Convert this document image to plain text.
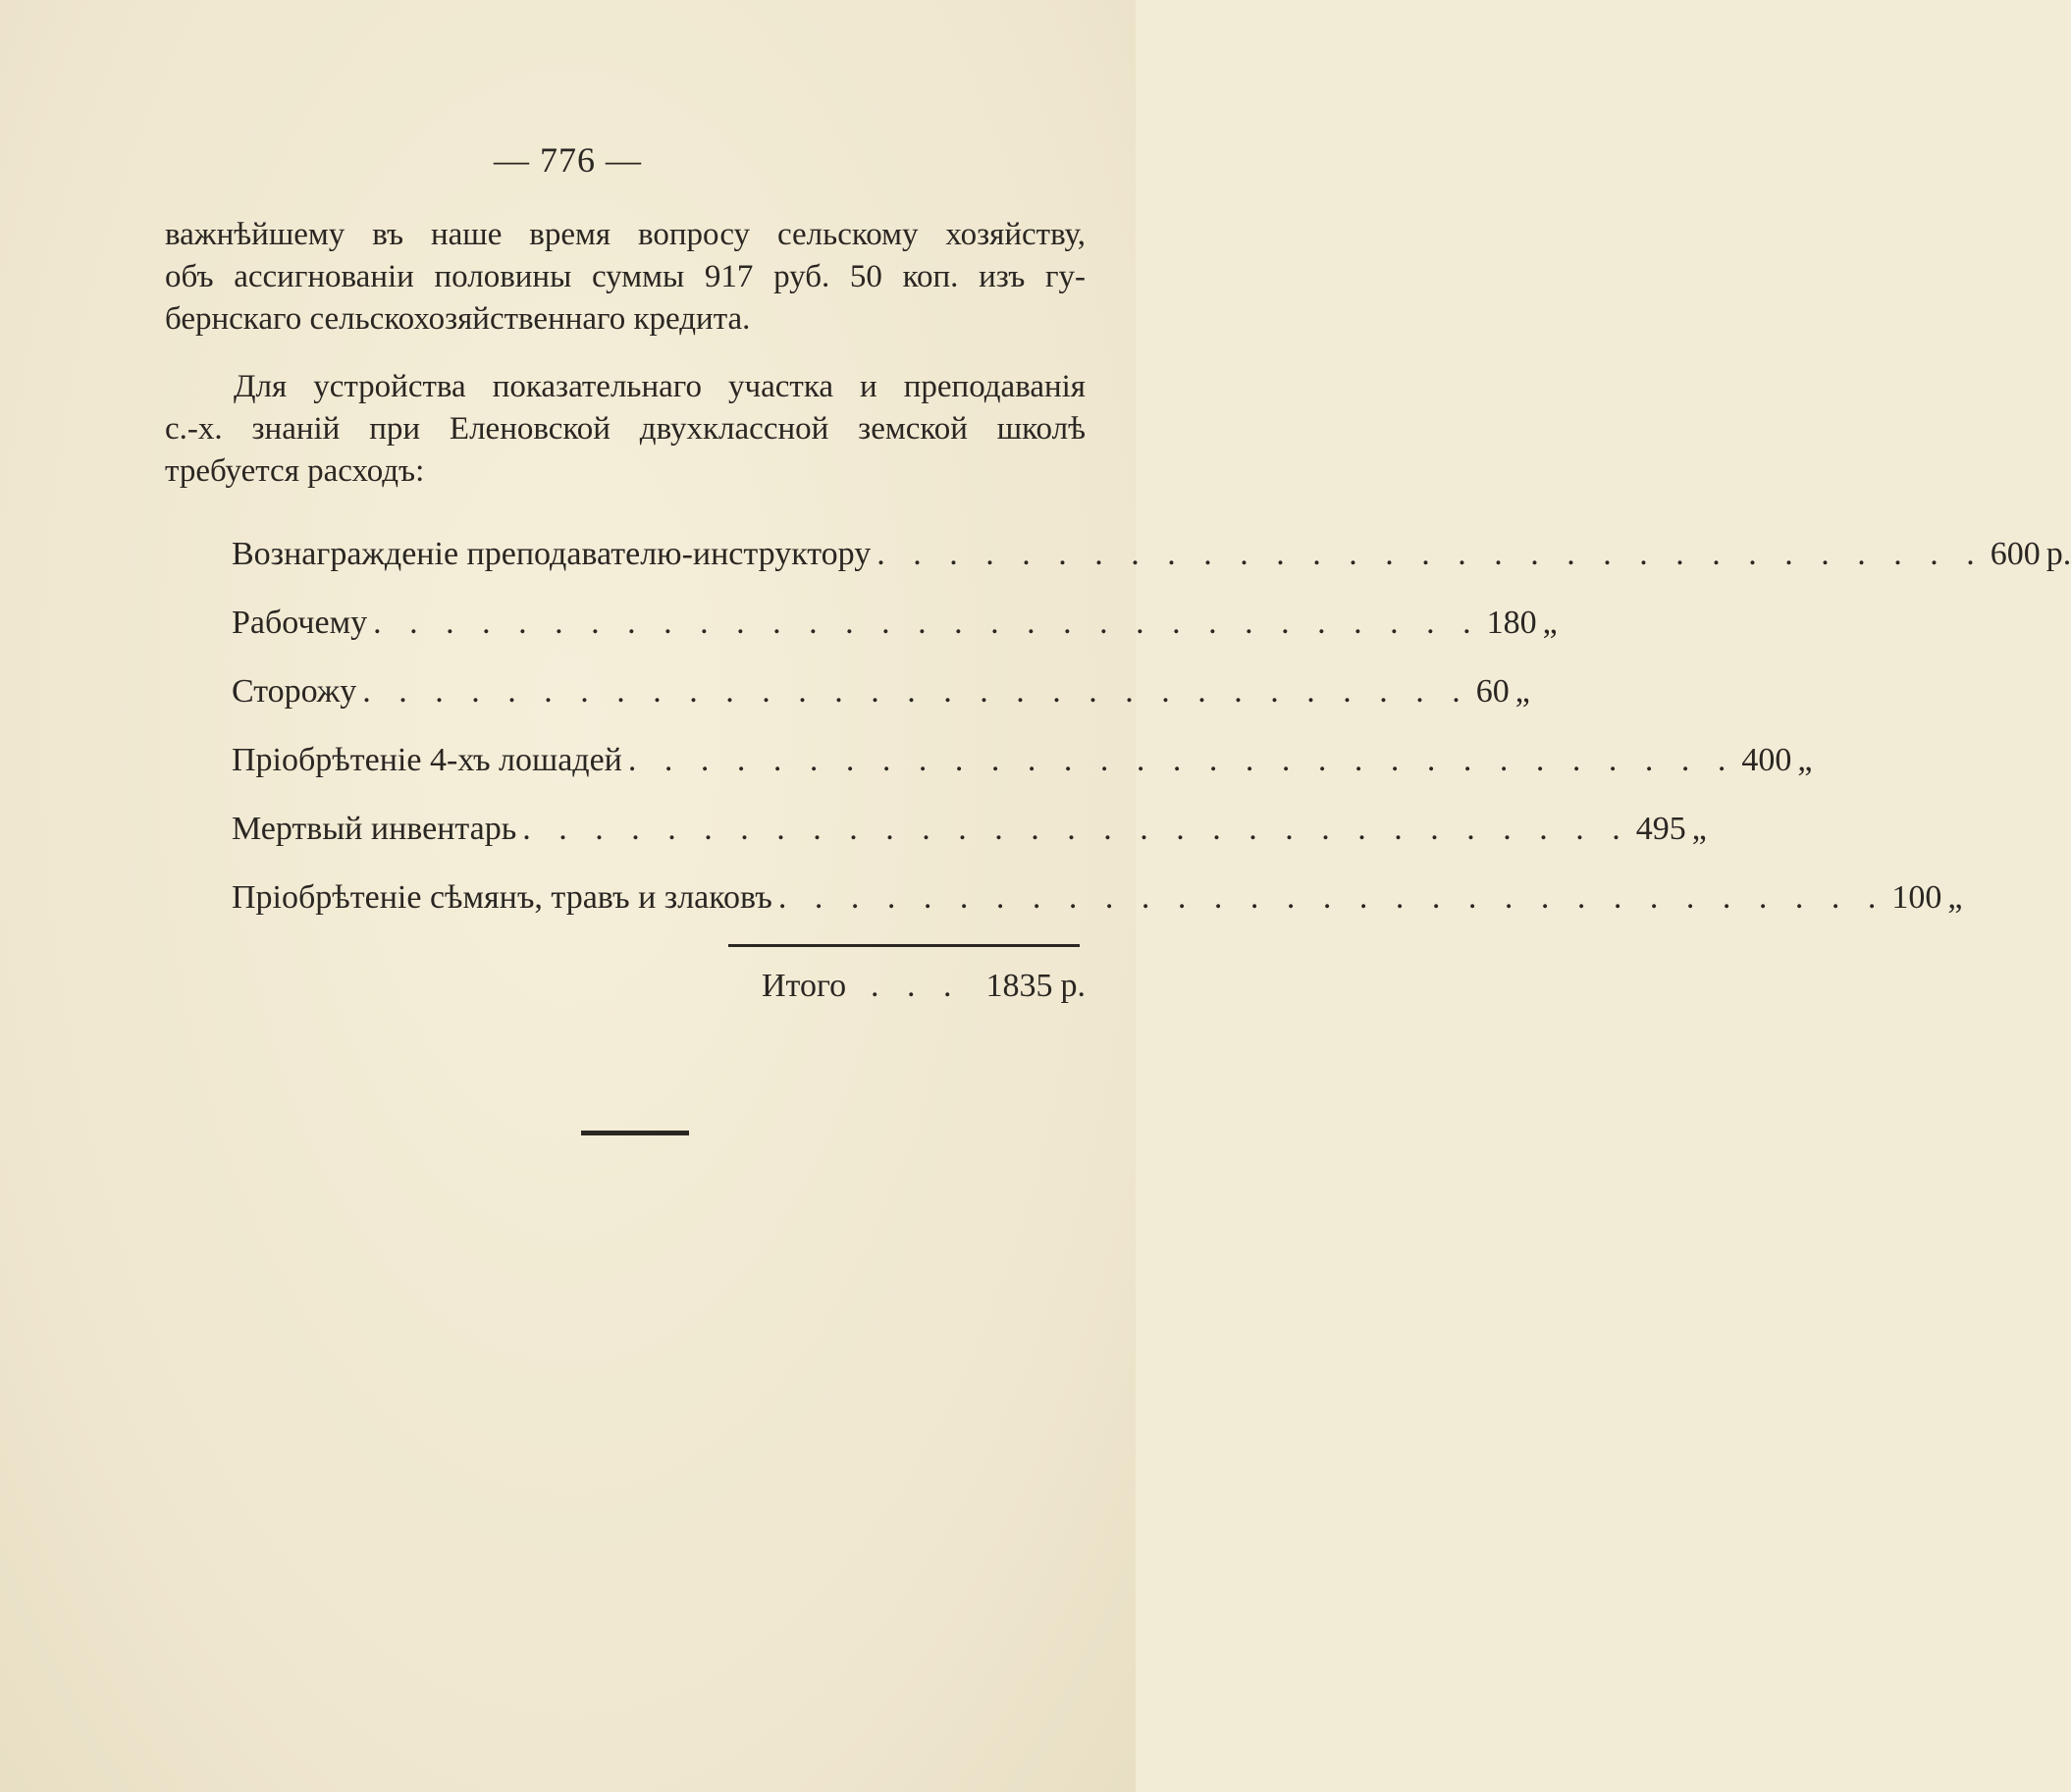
— 776 —
важнѣйшему въ наше время вопросу сельскому хозяйству,
объ ассигнованіи половины суммы 917 руб. 50 коп. изъ гу-
бернскаго сельскохозяйственнаго кредита.
Для устройства показательнаго участка и преподаванія
с.-х. знаній при Еленовской двухклассной земской школѣ
требуется расходъ:
Вознагражденіе преподавателю-инструктору . . . . . . . . . . . . . . . . . . . . . . . . . . . . . . . 600 р.
Рабочему . . . . . . . . . . . . . . . . . . . . . . . . . . . . . . . 180 „
Сторожу . . . . . . . . . . . . . . . . . . . . . . . . . . . . . . . 60 „
Пріобрѣтеніе 4-хъ лошадей . . . . . . . . . . . . . . . . . . . . . . . . . . . . . . . 400 „
Мертвый инвентарь . . . . . . . . . . . . . . . . . . . . . . . . . . . . . . . 495 „
Пріобрѣтеніе сѣмянъ, травъ и злаковъ . . . . . . . . . . . . . . . . . . . . . . . . . . . . . . . 100 „
Итого . . . 1835 р.
